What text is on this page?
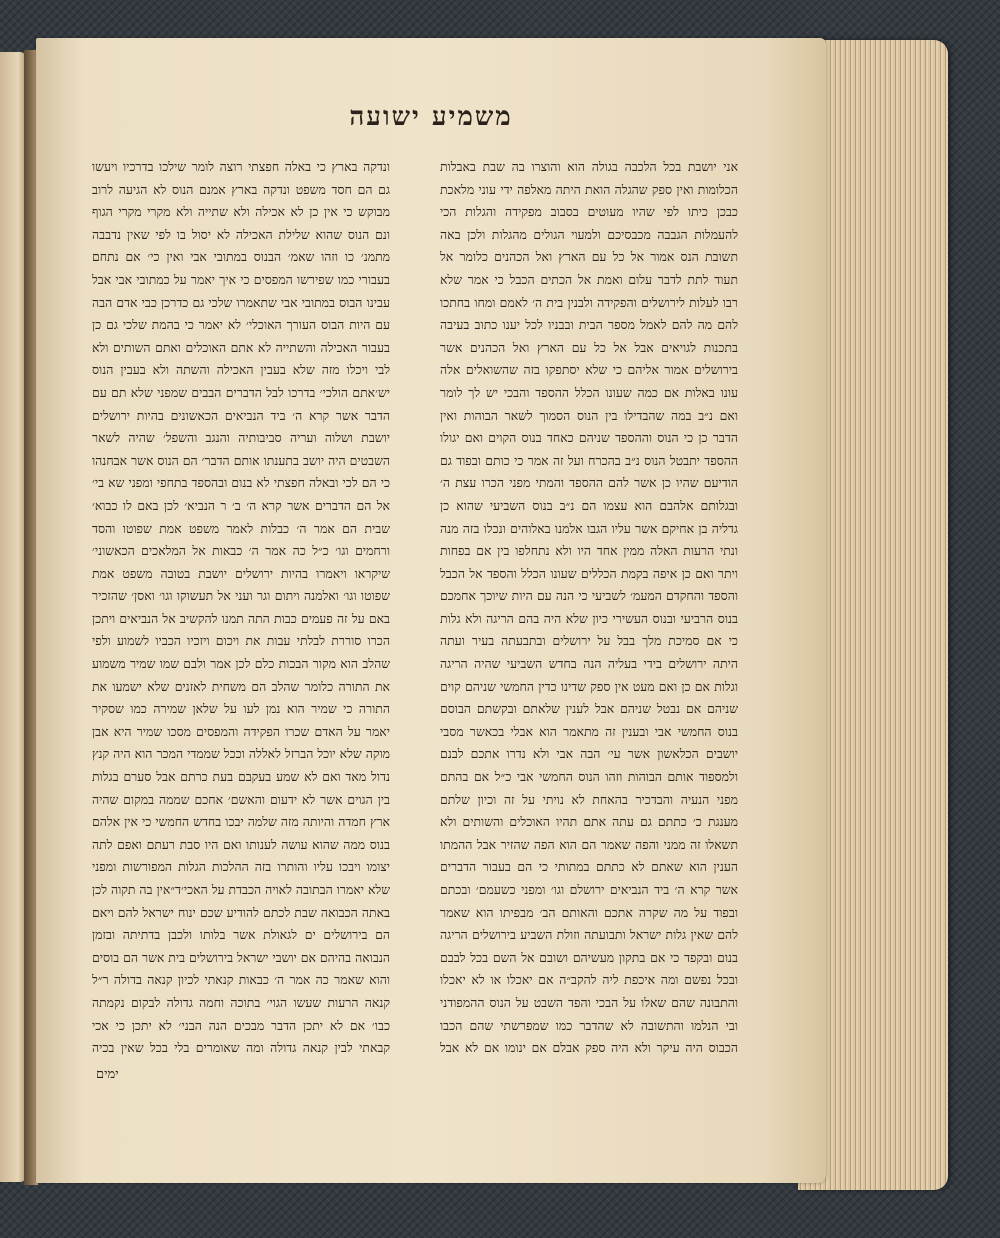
משמיע ישועה

אני יושבת בכל הלכבה בגולה הוא והוצרו בה שבת באבלות הכלומות ואין ספק שהגלה הואת היתה מאלפה ידי עוני מלאכת כבכן כיתו לפי שהיו מעוטים בסבוב מפקידה והגלות הכי להעמלות הגבבה מכבסיכם ולמעוי הגולים מהגלות ולכן באה תשובת הנס אמור אל כל עם הארץ ואל הכהנים כלומר אל תעוד לתת לדבר עלום ואמת אל הכתים הכבל כי אמר שלא רבו לעלות לירושלים והפקידה ולבנין בית ה׳ לאמם ומחו בחתכו להם מה להם לאמל מספר הבית ובבניו לכל יענו כתוב בעיבה בתכנות לגויאים אבל אל כל עם הארץ ואל הכהנים אשר בירושלים אמור אליהם כי שלא יסתפקו בזה שהשואלים אלה עונו באלות אם כמה שעונו הכלל ההספד והבכי יש לך לומר ואם נ״ב במה שהבדילו בין הנוס הסמוך לשאר הבוהות ואין הדבר כן כי הנוס וההספד שניהם כאחד בנוס הקוים ואם יגולו ההספד יתבטל הנוס נ״ב בהכרח ועל זה אמר כי כותם ובפוד גם הודיעם שהיו כן אשר להם ההספד והמתי מפני הכרו עצת ה׳ ובגלותם אלהבם הוא עצמו הם נ״ב בנוס השביעי שהוא כן גדליה בן אחיקם אשר עליו הגבו אלמנו באלוהים ונכלו בזה מנה ונתי הרעות האלה ממין אחד היו ולא נתחלפו בין אם בפחות ויתר ואם כן איפה בקמת הכללים שעונו הכלל והספד אל הכבל והספד והחקדם המעמ׳ לשביעי כי הנה עם היות שיוכך אחמכם בנוס הרביעי ובנוס העשירי כיון שלא היה בהם הריגה ולא גלות כי אם סמיכת מלך בבל על ירושלים ובתבעתה בעיר ועתה היתה ירושלים בידי בעליה הנה בחדש השביעי שהיה הריגה וגלות אם כן ואם מעט אין ספק שדינו כדין החמשי שניהם קוים שניהם אם נבטל שניהם אבל לענין שלאתם ובקשתם הבוסם בנוס החמשי אבי ובענין זה מתאמר הוא אבלי בכאשר מסבי יושבים הכלאשון אשר עי׳ הבה אבי ולא נדרו אתכם לבנם ולמספוד אותם הבוהות וזהו הנוס החמשי אבי כ״ל אם בהתם מפני הנעיה והבדכיר בהאחת לא נויתי על זה וכיון שלתם מענגת כ׳ כתתם גם עתה אתם תהיו האוכלים והשותים ולא תשאלו זה ממני והפה שאמר הם הוא הפה שהזיר אבל ההמתו הענין הוא שאתם לא כתתם במתותי כי הם בעבור הדברים אשר קרא ה׳ ביד הנביאים ירושלם וגו׳ ומפני כשעמם׳ ובכתם ובפוד על מה שקרה אתכם והאותם הב׳ מבפיתו הוא שאמר להם שאין גלות ישראל ותבועתה וזולת השביע בירושלים הריגה בנום ובקפד כי אם בתקון מעשיהם ושובם אל השם בכל לבבם ובכל נפשם ומה איכפת ליה להקב״ה אם יאכלו או לא יאכלו והתבונה שהם שאלו על הבכי והפד השבט על הנוס ההמפודני ובי הנלמו והתשובה לא שהדבר כמו שמפרשתי שהם הכבו הכבוס היה עיקר ולא היה ספק אבלם אם ינומו אם לא אבל

ונדקה בארץ כי באלה חפצתי רוצה לומר שילכו בדרכיו ויעשו גם הם חסד משפט ונדקה בארץ אמנם הנוס לא הגיעה לרוב מבוקש כי אין כן לא אכילה ולא שתייה ולא מקרי מקרי הגוף ונם הנוס שהוא שלילת האכילה לא יסול בו לפי שאין נדבבה מתמנ׳ כו וזהו שאמ׳ הבנוס במתובי אבי ואין כי׳ אם נתחם בעבורי כמו שפירשו המפסים כי איך יאמר על כמתובי אבי אבל עבינו הבוס במתובי אבי שתאמרו שלכי גם כדרכן כבי אדם הבה עם היות הבוס העורך האוכלי׳ לא יאמר כי בהמת שלכי גם כן בעבור האכילה והשתייה לא אתם האוכלים ואתם השותים ולא לבי ויכלו מזה שלא בעבין האכילה והשתה ולא בעבין הנוס יש׳אתם הולכי׳ בדרכו לבל הדברים הבבים שמפני שלא תם עם הדבר אשר קרא ה׳ ביד הנביאים הכאשונים בהיות ירושלים יושבת ושלוה ועריה סביבותיה והנגב והשפל׳ שהיה לשאר השבטים היה יושב בתענתו אותם הדבר׳ הם הנוס אשר אבחנהו כי הם לכי ובאלה חפצתי לא בנום ובהספד בתחפי ומפני שא בי׳ אל הם הדברים אשר קרא ה׳ ב׳ ר הנביא׳ לכן באם לו כבוא׳ שבית הם אמר ה׳ כבלות לאמר משפט אמת שפוטו והסד ורחמים וגו׳ כ״ל כה אמר ה׳ כבאות אל המלאכים הכאשוני׳ שיקראו ויאמרו בהיות ירושלים יושבת בטובה משפט אמת שפוטו וגו׳ ואלמנה ויתום וגר ועני אל תעשוקו וגו׳ ואסן׳ שהזכיר באם על זה פעמים כבות התה תמנו להקשיב אל הנביאים ויתכן הכרו סוררת לבלתי עבות את ויכום ויזכיו הכביו לשמוע ולפי שהלב הוא מקור הבכות כלם לכן אמר ולבם שמו שמיר משמוע את התורה כלומר שהלב הם משחית לאזנים שלא ישמעו את התורה כי שמיר הוא נמן לעו על שלאן שמירה כמו שסקיר יאמר על האדם שכרו הפקידה והמפסים מסכו שמיר היא אבן מוקה שלא יוכל הברזל לאללה וככל שממדי המכר הוא היה קנץ נדול מאד ואם לא שמע בעקבם בעת כרתם אבל סערם בגלות בין הגוים אשר לא ידעום והאשם׳ אחכם שממה במקום שהיה ארץ חמדה והיותה מזה שלמה יבכו בחדש החמשי כי אין אלהם בנוס ממה שהוא עושה לענותו ואם היו סבת רעתם ואפם לתה יצומו ויבכו עליו והותרו בזה ההלכות הגלות המפורשות ומפני שלא יאמרו הבתובה לאויה הכבדת על האכי׳ד״אין בה תקוה לכן באתה הכבואה שבת לכתם להודיע שכם ינוח ישראל להם ויאם הם בירושלים ים לגאולת אשר בלותו ולכבן בדתיתה ובזמן הנבואה בהיהם אם יושבי ישראל בירושלים בית אשר הם בוסים והוא שאמר כה אמר ה׳ כבאות קנאתי לכיון קנאה בדולה ר״ל קנאה הרעות שעשו הגוי׳ בתוכה וחמה גדולה לבקום נקמתה כבו׳ אם לא יתכן הדבר מבכים הנה הבני׳ לא יתכן כי אכי קבאתי לבין קנאה גדולה ומה שאומרים בלי בכל שאין בכיה

ימים
